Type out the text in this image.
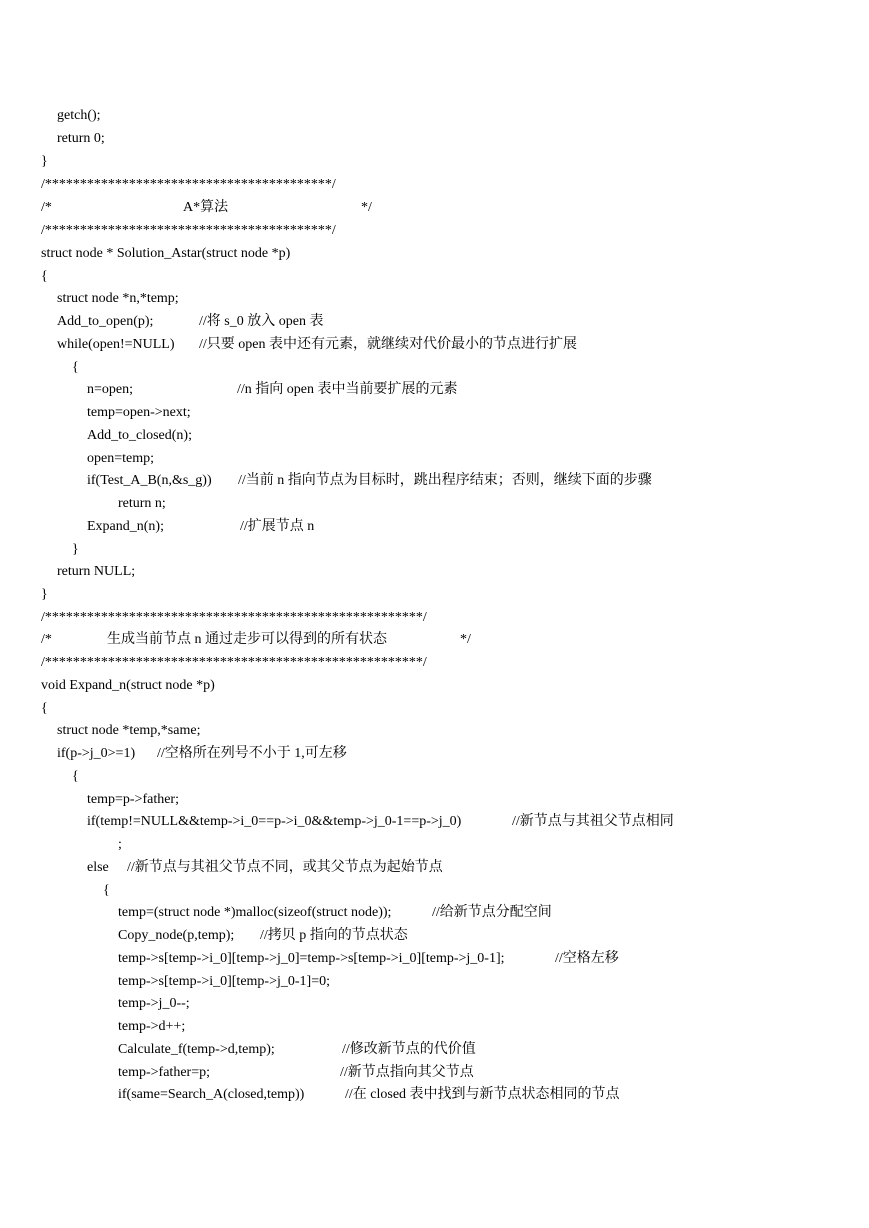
getch();
return 0;
}
/*****************************************/
/*	A*算法	*/
/*****************************************/
struct node * Solution_Astar(struct node *p)
{
struct node *n,*temp;
Add_to_open(p);	//将 s_0 放入 open 表
while(open!=NULL) //只要 open 表中还有元素，就继续对代价最小的节点进行扩展
{
n=open;	//n 指向 open 表中当前要扩展的元素
temp=open->next;
Add_to_closed(n);
open=temp;
if(Test_A_B(n,&s_g)) //当前 n 指向节点为目标时，跳出程序结束；否则，继续下面的步骤
return n;
Expand_n(n);	//扩展节点 n
}
return NULL;
}
/******************************************************/
/*	生成当前节点 n 通过走步可以得到的所有状态	*/
/******************************************************/
void Expand_n(struct node *p)
{
struct node *temp,*same;
if(p->j_0>=1) //空格所在列号不小于 1,可左移
{
temp=p->father;
if(temp!=NULL&&temp->i_0==p->i_0&&temp->j_0-1==p->j_0)	//新节点与其祖父节点相同
;
else //新节点与其祖父节点不同，或其父节点为起始节点
{
temp=(struct node *)malloc(sizeof(struct node));	//给新节点分配空间
Copy_node(p,temp); //拷贝 p 指向的节点状态
temp->s[temp->i_0][temp->j_0]=temp->s[temp->i_0][temp->j_0-1];	//空格左移
temp->s[temp->i_0][temp->j_0-1]=0;
temp->j_0--;
temp->d++;
Calculate_f(temp->d,temp);	//修改新节点的代价值
temp->father=p;	//新节点指向其父节点
if(same=Search_A(closed,temp))	//在 closed 表中找到与新节点状态相同的节点
